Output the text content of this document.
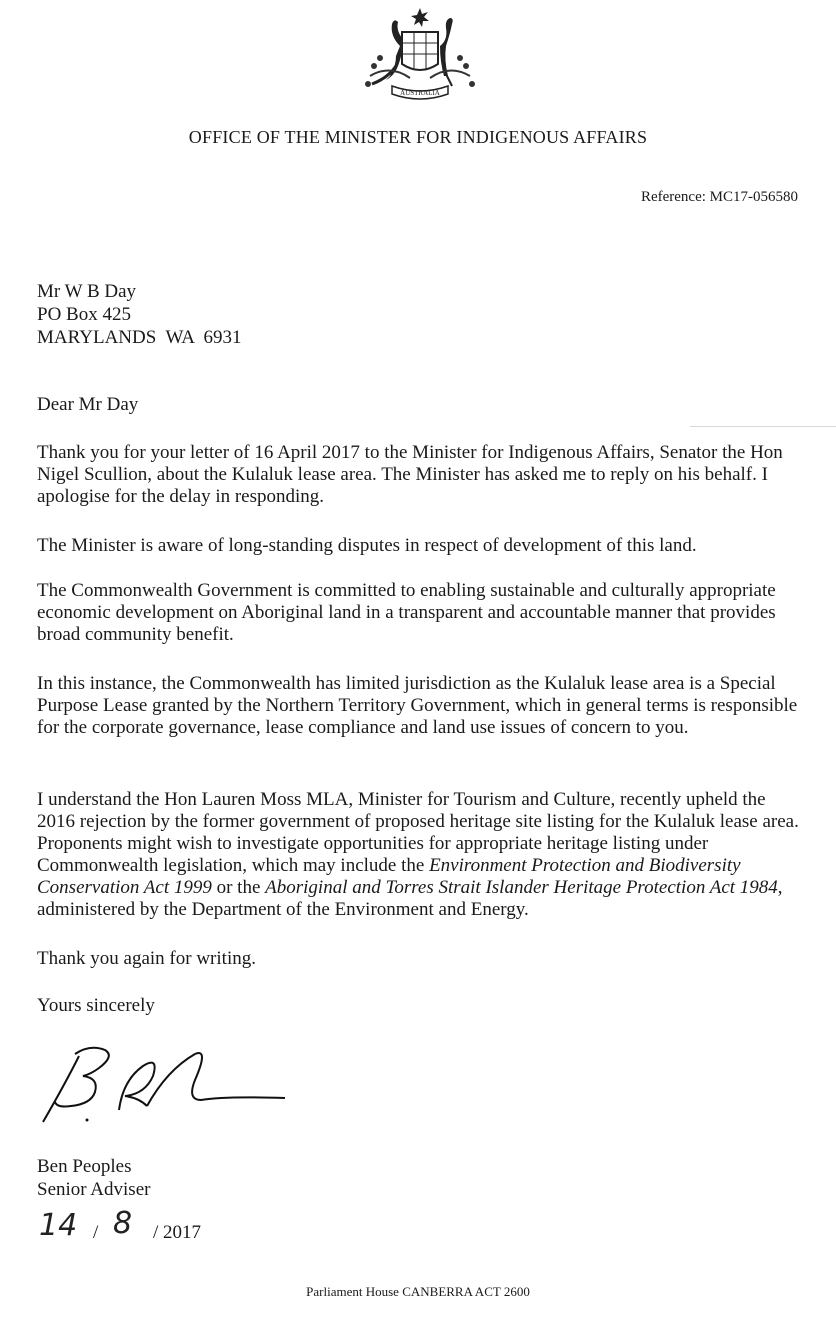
AUSTRALIA
OFFICE OF THE MINISTER FOR INDIGENOUS AFFAIRS
Reference: MC17-056580
Mr W B Day
PO Box 425
MARYLANDS  WA  6931
Dear Mr Day
Thank you for your letter of 16 April 2017 to the Minister for Indigenous Affairs, Senator the Hon Nigel Scullion, about the Kulaluk lease area. The Minister has asked me to reply on his behalf. I apologise for the delay in responding.
The Minister is aware of long-standing disputes in respect of development of this land.
The Commonwealth Government is committed to enabling sustainable and culturally appropriate economic development on Aboriginal land in a transparent and accountable manner that provides broad community benefit.
In this instance, the Commonwealth has limited jurisdiction as the Kulaluk lease area is a Special Purpose Lease granted by the Northern Territory Government, which in general terms is responsible for the corporate governance, lease compliance and land use issues of concern to you.
I understand the Hon Lauren Moss MLA, Minister for Tourism and Culture, recently upheld the 2016 rejection by the former government of proposed heritage site listing for the Kulaluk lease area. Proponents might wish to investigate opportunities for appropriate heritage listing under Commonwealth legislation, which may include the Environment Protection and Biodiversity Conservation Act 1999 or the Aboriginal and Torres Strait Islander Heritage Protection Act 1984, administered by the Department of the Environment and Energy.
Thank you again for writing.
Yours sincerely
B. Peoples
Ben Peoples
Senior Adviser
14 / 8 / 2017
Parliament House CANBERRA ACT 2600
